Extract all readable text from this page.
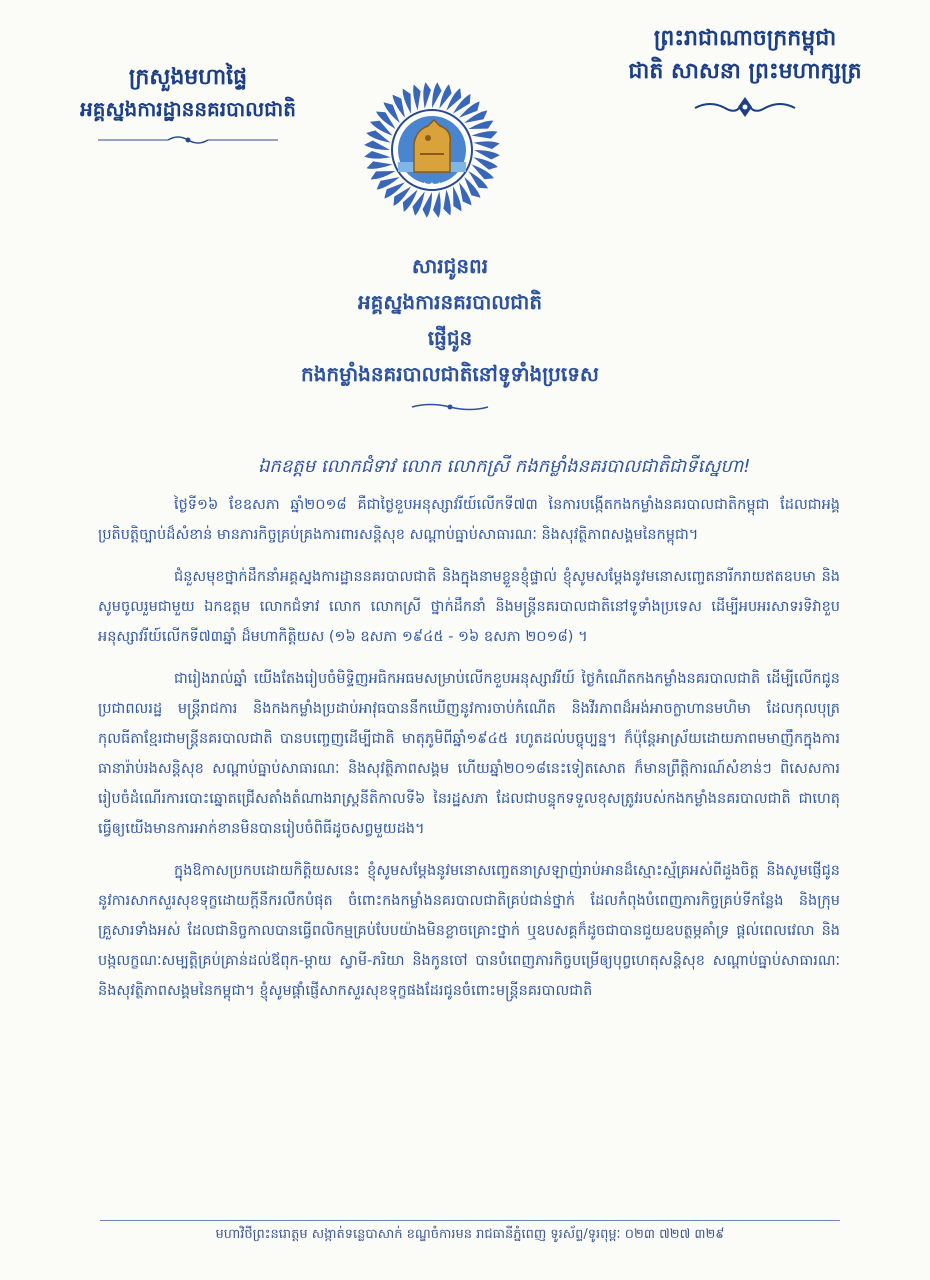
ក្រសួងមហាផ្ទៃ
អគ្គស្នងការដ្ឋាននគរបាលជាតិ
ព្រះរាជាណាចក្រកម្ពុជា
ជាតិ សាសនា ព្រះមហាក្សត្រ
★ ★ ★
សារជូនពរ
អគ្គស្នងការនគរបាលជាតិ
ផ្ញើជូន
កងកម្លាំងនគរបាលជាតិនៅទូទាំងប្រទេស
ឯកឧត្តម លោកជំទាវ លោក លោកស្រី កងកម្លាំងនគរបាលជាតិជាទីស្នេហា!

ថ្ងៃទី១៦ ខែឧសភា ឆ្នាំ២០១៨ គឺជាថ្ងៃខួបអនុស្សាវរីយ៍លើកទី៧៣ នៃការបង្កើតកងកម្លាំងនគរបាលជាតិកម្ពុជា ដែលជាអង្គប្រតិបត្តិច្បាប់ដ៏សំខាន់ មានភារកិច្ចគ្រប់គ្រងការពារសន្តិសុខ សណ្តាប់ធ្នាប់សាធារណៈ និងសុវត្ថិភាពសង្គមនៃកម្ពុជា។

ជំនួសមុខថ្នាក់ដឹកនាំអគ្គស្នងការដ្ឋាននគរបាលជាតិ និងក្នុងនាមខ្លួនខ្ញុំផ្ទាល់ ខ្ញុំសូមសម្តែងនូវមនោសញ្ចេតនារីករាយឥតឧបមា និងសូមចូលរួមជាមួយ ឯកឧត្តម លោកជំទាវ លោក លោកស្រី ថ្នាក់ដឹកនាំ និងមន្ត្រីនគរបាលជាតិនៅទូទាំងប្រទេស ដើម្បីអបអរសាទរទិវាខួបអនុស្សាវរីយ៍លើកទី៧៣ឆ្នាំ ដ៏មហាកិត្តិយស (១៦ ឧសភា ១៩៤៥ - ១៦ ឧសភា ២០១៨) ។

ជារៀងរាល់ឆ្នាំ យើងតែងរៀបចំមិទ្ទិញអធិកអធមសម្រាប់លើកខួបអនុស្សាវរីយ៍ ថ្ងៃកំណើតកងកម្លាំងនគរបាលជាតិ ដើម្បីលើកជូនប្រជាពលរដ្ឋ មន្ត្រីរាជការ និងកងកម្លាំងប្រដាប់អាវុធបាននឹកឃើញនូវការចាប់កំណើត និងវីរភាពដ៏អង់អាចក្លាហានមហិមា ដែលកុលបុត្រ កុលធីតាខ្មែរជាមន្ត្រីនគរបាលជាតិ បានបញ្ចេញដើម្បីជាតិ មាតុភូមិពីឆ្នាំ១៩៤៥ រហូតដល់បច្ចុប្បន្ន។ ក៏ប៉ុន្តែអាស្រ័យដោយភាពមមាញឹកក្នុងការធានារ៉ាប់រងសន្តិសុខ សណ្តាប់ធ្នាប់សាធារណៈ និងសុវត្ថិភាពសង្គម ហើយឆ្នាំ២០១៨នេះទៀតសោត ក៏មានព្រឹត្តិការណ៍សំខាន់ៗ ពិសេសការរៀបចំដំណើរការបោះឆ្នោតជ្រើសតាំងតំណាងរាស្ត្រនីតិកាលទី៦ នៃរដ្ឋសភា ដែលជាបន្ទុកទទួលខុសត្រូវរបស់កងកម្លាំងនគរបាលជាតិ ជាហេតុធ្វើឲ្យយើងមានការអាក់ខានមិនបានរៀបចំពិធីដូចសព្វមួយដង។

ក្នុងឱកាសប្រកបដោយកិត្តិយសនេះ ខ្ញុំសូមសម្តែងនូវមនោសញ្ចេតនាស្រឡាញ់រាប់អានដ៏ស្មោះស្ម័គ្រអស់ពីដួងចិត្ត និងសូមផ្ញើជូននូវការសាកសួរសុខទុក្ខដោយក្តីនឹករលឹកបំផុត ចំពោះកងកម្លាំងនគរបាលជាតិគ្រប់ជាន់ថ្នាក់ ដែលកំពុងបំពេញភារកិច្ចគ្រប់ទីកន្លែង និងក្រុមគ្រួសារទាំងអស់ ដែលជានិច្ចកាលបានធ្វើពលិកម្មគ្រប់បែបយ៉ាងមិនខ្លាចគ្រោះថ្នាក់ ឬឧបសគ្គក៏ដូចជាបានជួយឧបត្ថម្ភគាំទ្រ ផ្តល់ពេលវេលា និងបង្កលក្ខណៈសម្បត្តិគ្រប់គ្រាន់ដល់ឪពុក-ម្តាយ ស្វាមី-ភរិយា និងកូនចៅ បានបំពេញភារកិច្ចបម្រើឲ្យបុព្វហេតុសន្តិសុខ សណ្តាប់ធ្នាប់សាធារណៈ និងសុវត្ថិភាពសង្គមនៃកម្ពុជា។ ខ្ញុំសូមផ្តាំផ្ញើសាកសួរសុខទុក្ខផងដែរជូនចំពោះមន្ត្រីនគរបាលជាតិ

មហាវិថីព្រះនរោត្តម សង្កាត់ទន្លេបាសាក់ ខណ្ឌចំការមន រាជធានីភ្នំពេញ ទូរស័ព្ទ/ទូរពុម្ពៈ ០២៣ ៧២៧ ៣២៩
